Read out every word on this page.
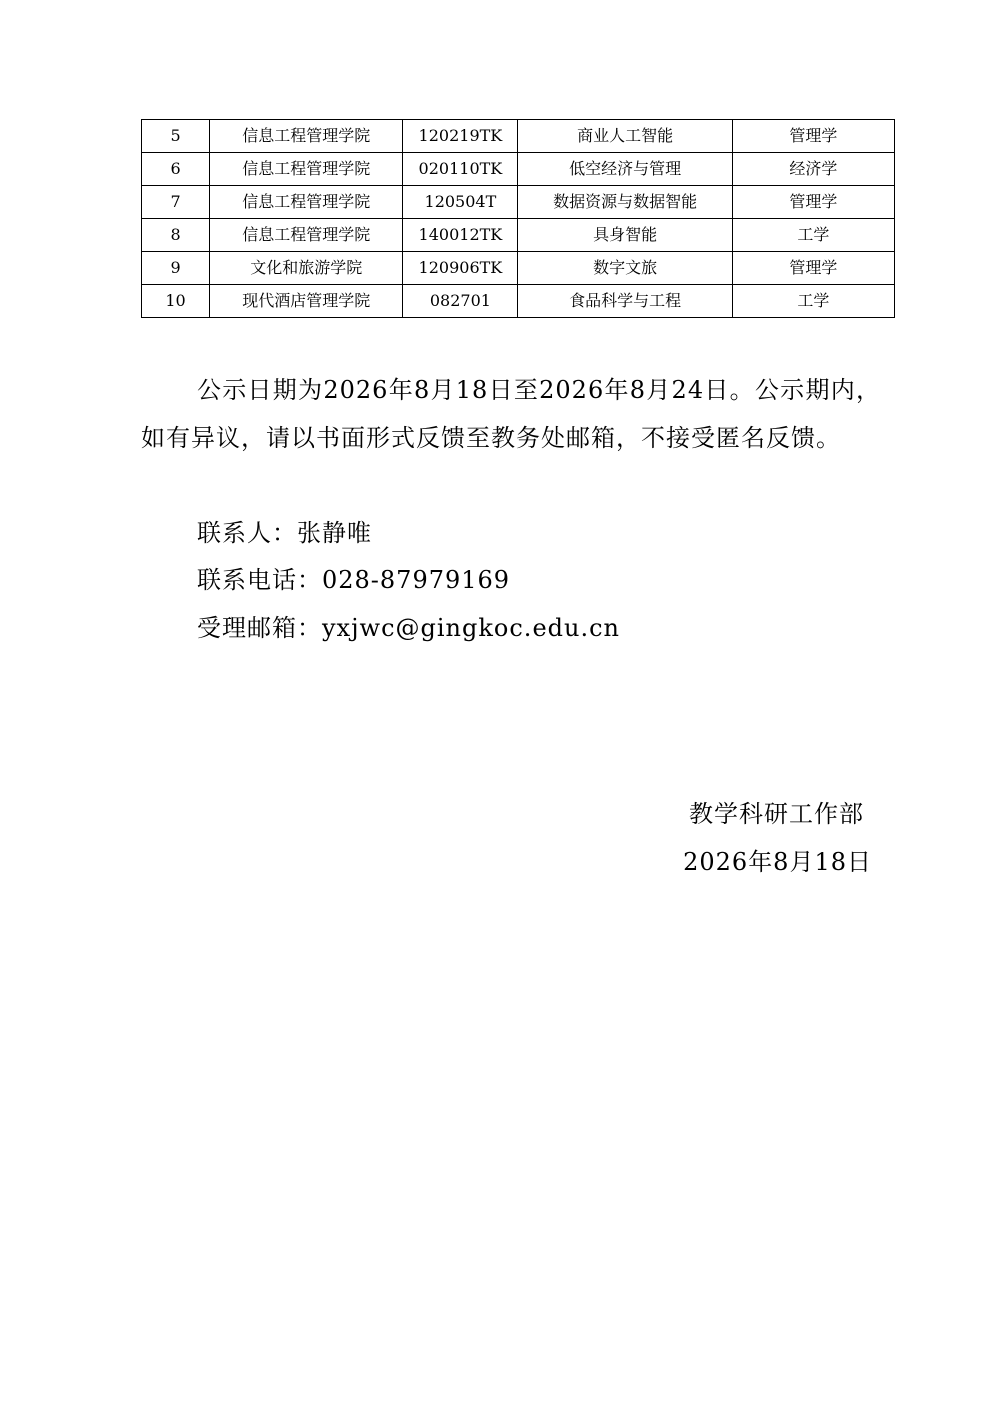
5	信息工程管理学院	120219TK	商业人工智能	管理学
6	信息工程管理学院	020110TK	低空经济与管理	经济学
7	信息工程管理学院	120504T	数据资源与数据智能	管理学
8	信息工程管理学院	140012TK	具身智能	工学
9	文化和旅游学院	120906TK	数字文旅	管理学
10	现代酒店管理学院	082701	食品科学与工程	工学

公示日期为2026年8月18日至2026年8月24日。公示期内，如有异议，请以书面形式反馈至教务处邮箱，不接受匿名反馈。

联系人：张静唯
联系电话：028-87979169
受理邮箱：yxjwc@gingkoc.edu.cn
教学科研工作部
2026年8月18日
